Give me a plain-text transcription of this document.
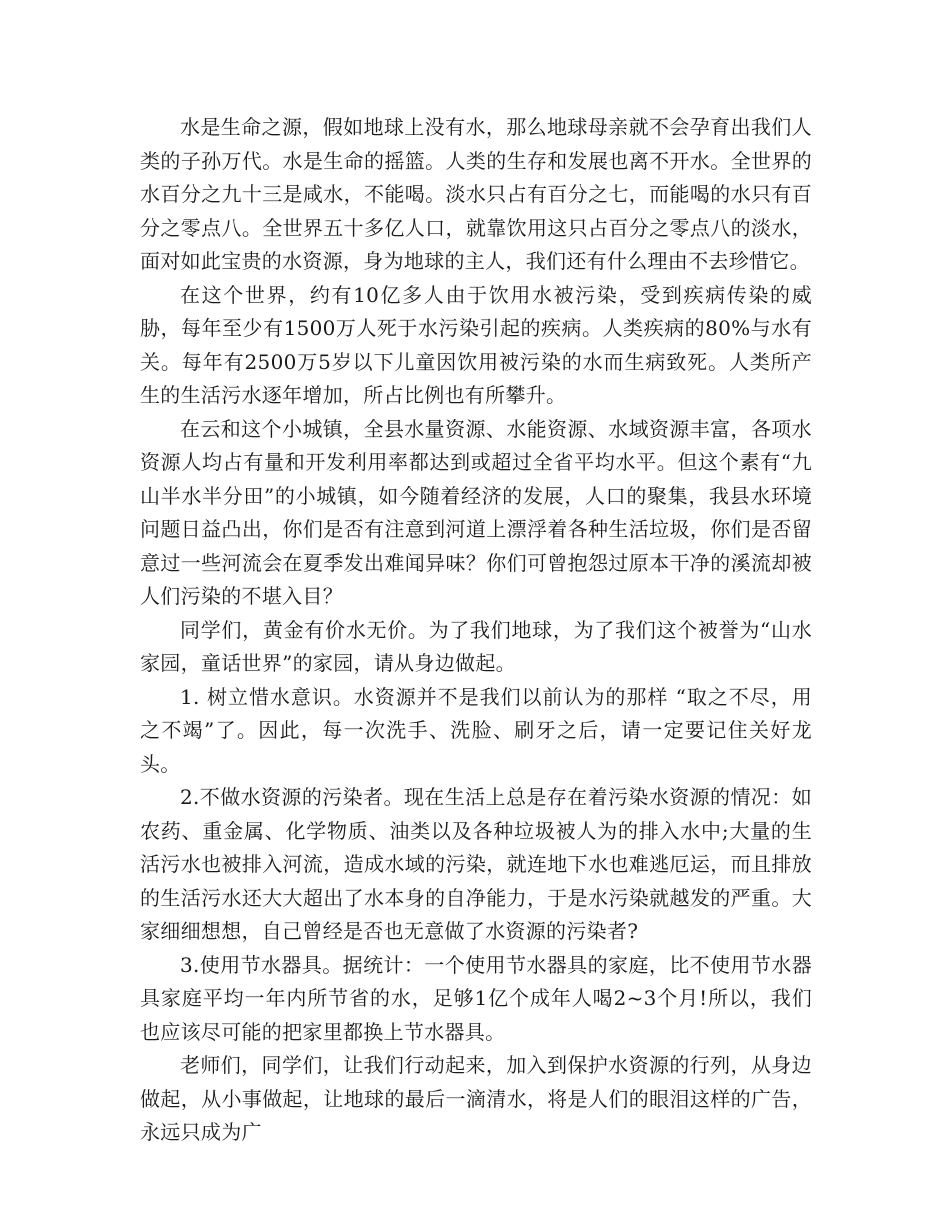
水是生命之源，假如地球上没有水，那么地球母亲就不会孕育出我们人类的子孙万代。水是生命的摇篮。人类的生存和发展也离不开水。全世界的水百分之九十三是咸水，不能喝。淡水只占有百分之七，而能喝的水只有百分之零点八。全世界五十多亿人口，就靠饮用这只占百分之零点八的淡水，面对如此宝贵的水资源，身为地球的主人，我们还有什么理由不去珍惜它。

在这个世界，约有10亿多人由于饮用水被污染，受到疾病传染的威胁，每年至少有1500万人死于水污染引起的疾病。人类疾病的80%与水有关。每年有2500万5岁以下儿童因饮用被污染的水而生病致死。人类所产生的生活污水逐年增加，所占比例也有所攀升。

在云和这个小城镇，全县水量资源、水能资源、水域资源丰富，各项水资源人均占有量和开发利用率都达到或超过全省平均水平。但这个素有“九山半水半分田”的小城镇，如今随着经济的发展，人口的聚集，我县水环境问题日益凸出，你们是否有注意到河道上漂浮着各种生活垃圾，你们是否留意过一些河流会在夏季发出难闻异味？你们可曾抱怨过原本干净的溪流却被人们污染的不堪入目？

同学们，黄金有价水无价。为了我们地球，为了我们这个被誉为“山水家园，童话世界”的家园，请从身边做起。

1. 树立惜水意识。水资源并不是我们以前认为的那样 “取之不尽，用之不竭”了。因此，每一次洗手、洗脸、刷牙之后，请一定要记住关好龙头。

2.不做水资源的污染者。现在生活上总是存在着污染水资源的情况：如农药、重金属、化学物质、油类以及各种垃圾被人为的排入水中;大量的生活污水也被排入河流，造成水域的污染，就连地下水也难逃厄运，而且排放的生活污水还大大超出了水本身的自净能力，于是水污染就越发的严重。大家细细想想，自己曾经是否也无意做了水资源的污染者?

3.使用节水器具。据统计：一个使用节水器具的家庭，比不使用节水器具家庭平均一年内所节省的水，足够1亿个成年人喝2~3个月!所以，我们也应该尽可能的把家里都换上节水器具。

老师们，同学们，让我们行动起来，加入到保护水资源的行列，从身边做起，从小事做起，让地球的最后一滴清水，将是人们的眼泪这样的广告，永远只成为广
